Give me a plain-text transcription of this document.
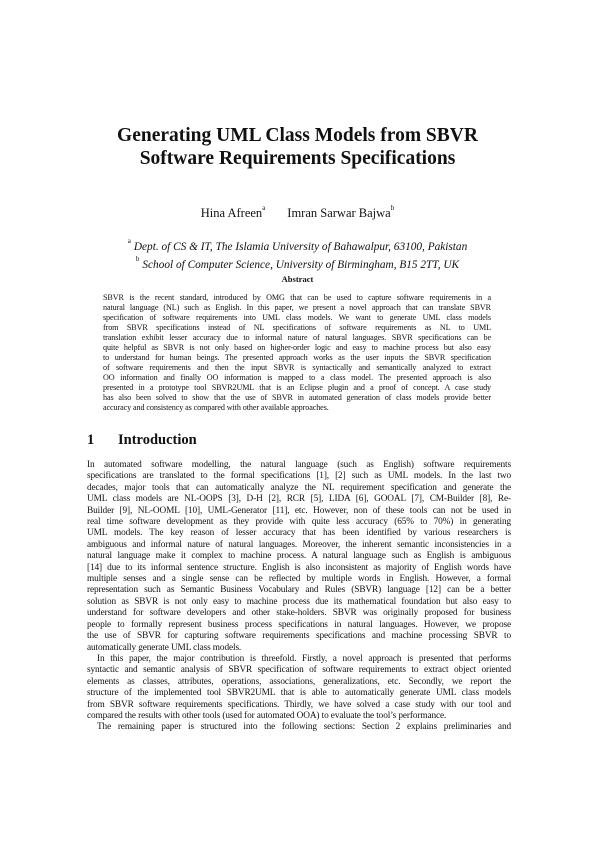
Generating UML Class Models from SBVR
Software Requirements Specifications
Hina Afreen$^a$ Imran Sarwar Bajwa$^b$
$^a$ Dept. of CS & IT, The Islamia University of Bahawalpur, 63100, Pakistan
$^b$ School of Computer Science, University of Birmingham, B15 2TT, UK
Abstract
SBVR is the recent standard, introduced by OMG that can be used to capture software requirements in a
natural language (NL) such as English. In this paper, we present a novel approach that can translate SBVR
specification of software requirements into UML class models. We want to generate UML class models
from SBVR specifications instead of NL specifications of software requirements as NL to UML
translation exhibit lesser accuracy due to informal nature of natural languages. SBVR specifications can be
quite helpful as SBVR is not only based on higher-order logic and easy to machine process but also easy
to understand for human beings. The presented approach works as the user inputs the SBVR specification
of software requirements and then the input SBVR is syntactically and semantically analyzed to extract
OO information and finally OO information is mapped to a class model. The presented approach is also
presented in a prototype tool SBVR2UML that is an Eclipse plugin and a proof of concept. A case study
has also been solved to show that the use of SBVR in automated generation of class models provide better
accuracy and consistency as compared with other available approaches.
1 Introduction
In automated software modelling, the natural language (such as English) software requirements
specifications are translated to the formal specifications [1], [2] such as UML models. In the last two
decades, major tools that can automatically analyze the NL requirement specification and generate the
UML class models are NL-OOPS [3], D-H [2], RCR [5], LIDA [6], GOOAL [7], CM-Builder [8], Re-
Builder [9], NL-OOML [10], UML-Generator [11], etc. However, non of these tools can not be used in
real time software development as they provide with quite less accuracy (65% to 70%) in generating
UML models. The key reason of lesser accuracy that has been identified by various researchers is
ambiguous and informal nature of natural languages. Moreover, the inherent semantic inconsistencies in a
natural language make it complex to machine process. A natural language such as English is ambiguous
[14] due to its informal sentence structure. English is also inconsistent as majority of English words have
multiple senses and a single sense can be reflected by multiple words in English. However, a formal
representation such as Semantic Business Vocabulary and Rules (SBVR) language [12] can be a better
solution as SBVR is not only easy to machine process due its mathematical foundation but also easy to
understand for software developers and other stake-holders. SBVR was originally proposed for business
people to formally represent business process specifications in natural languages. However, we propose
the use of SBVR for capturing software requirements specifications and machine processing SBVR to
automatically generate UML class models.
In this paper, the major contribution is threefold. Firstly, a novel approach is presented that performs
syntactic and semantic analysis of SBVR specification of software requirements to extract object oriented
elements as classes, attributes, operations, associations, generalizations, etc. Secondly, we report the
structure of the implemented tool SBVR2UML that is able to automatically generate UML class models
from SBVR software requirements specifications. Thirdly, we have solved a case study with our tool and
compared the results with other tools (used for automated OOA) to evaluate the tool’s performance.
The remaining paper is structured into the following sections: Section 2 explains preliminaries and
